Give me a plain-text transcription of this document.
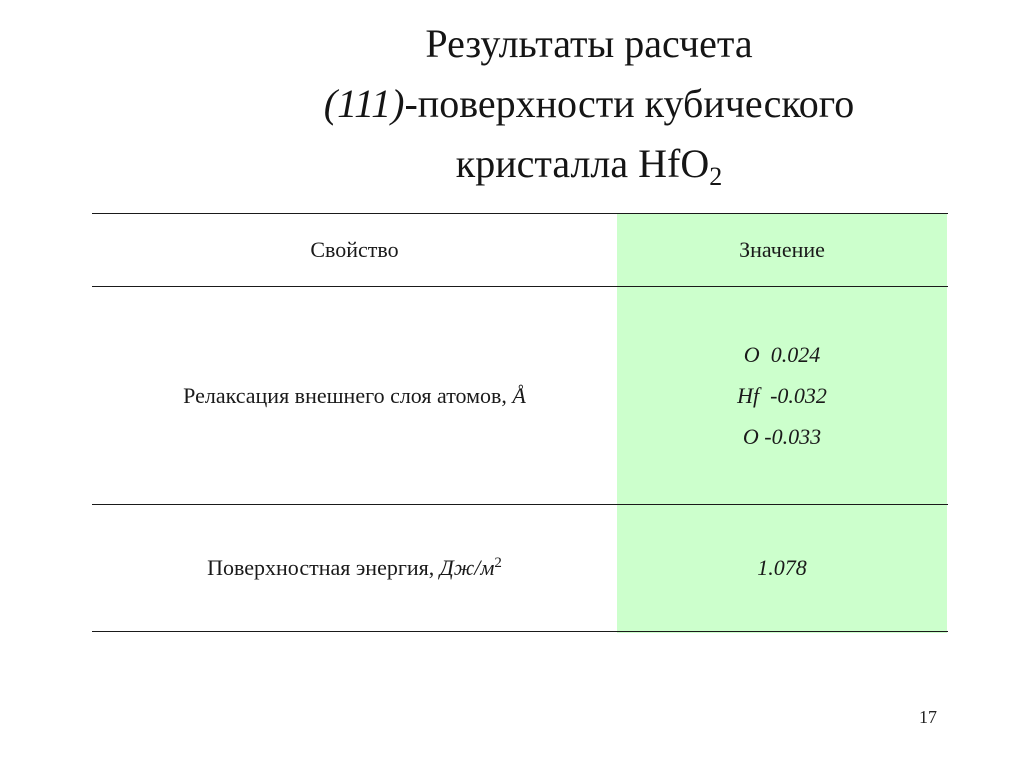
Результаты расчета
(111)-поверхности кубического
кристалла HfO$_2$
Свойство	Значение
Релаксация внешнего слоя атомов, Å
O 0.024
Hf -0.032
O -0.033
Поверхностная энергия, $Дж/м^2$	1.078
17
